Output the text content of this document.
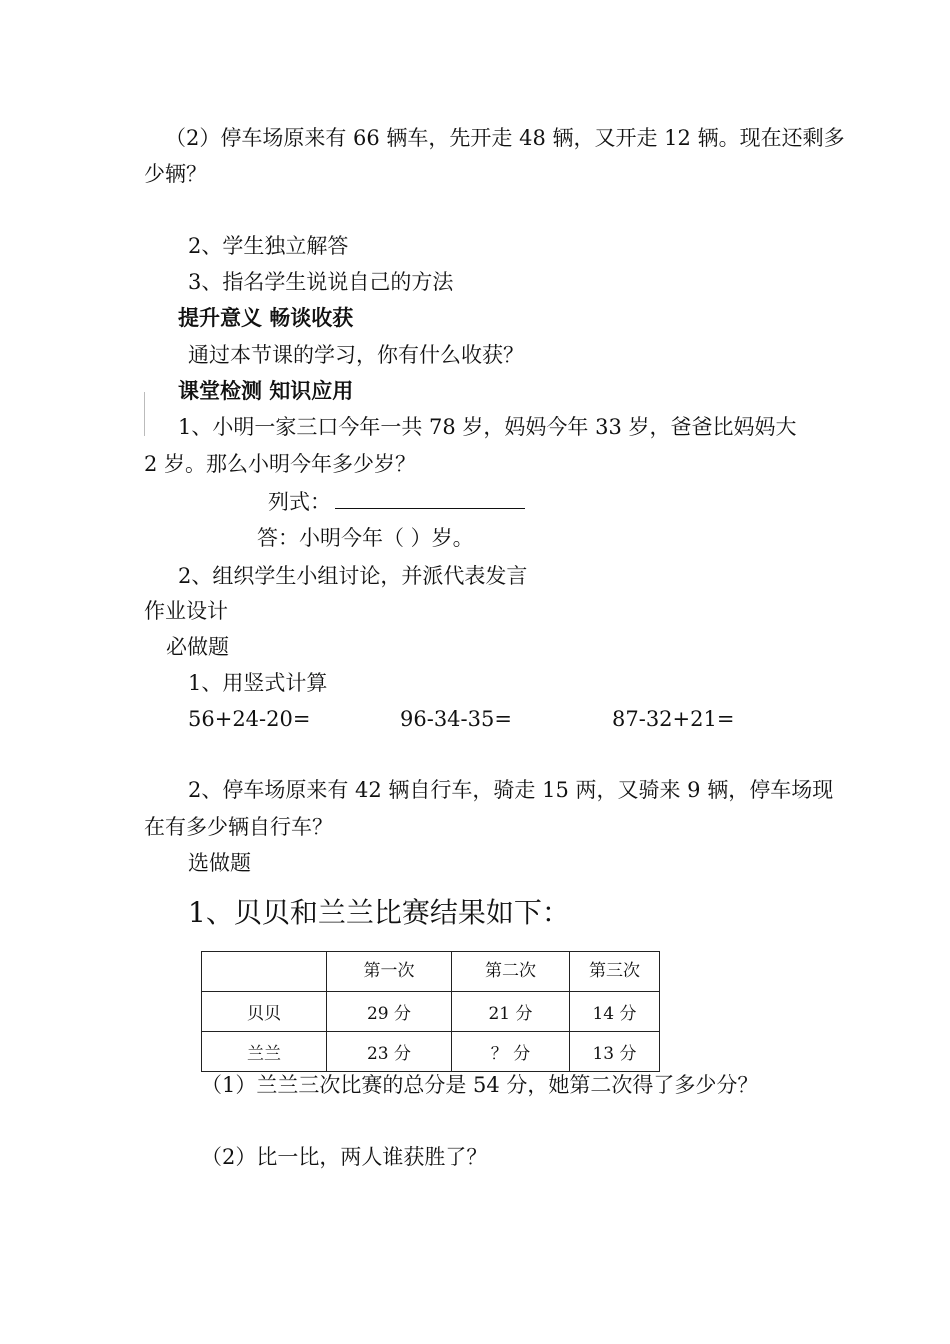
（2）停车场原来有 66 辆车，先开走 48 辆，又开走 12 辆。现在还剩多
少辆？
2、学生独立解答
3、指名学生说说自己的方法
提升意义 畅谈收获
通过本节课的学习，你有什么收获？
课堂检测 知识应用
1、小明一家三口今年一共 78 岁，妈妈今年 33 岁，爸爸比妈妈大
2 岁。那么小明今年多少岁？
列式：
答：小明今年（ ）岁。
2、组织学生小组讨论，并派代表发言
作业设计
必做题
1、用竖式计算
56+24-20=	96-34-35=	87-32+21=
2、停车场原来有 42 辆自行车，骑走 15 两，又骑来 9 辆，停车场现
在有多少辆自行车？
选做题
1、贝贝和兰兰比赛结果如下：
	第一次	第二次	第三次
贝贝	29 分	21 分	14 分
兰兰	23 分	？ 分	13 分
（1）兰兰三次比赛的总分是 54 分，她第二次得了多少分？
（2）比一比，两人谁获胜了？
